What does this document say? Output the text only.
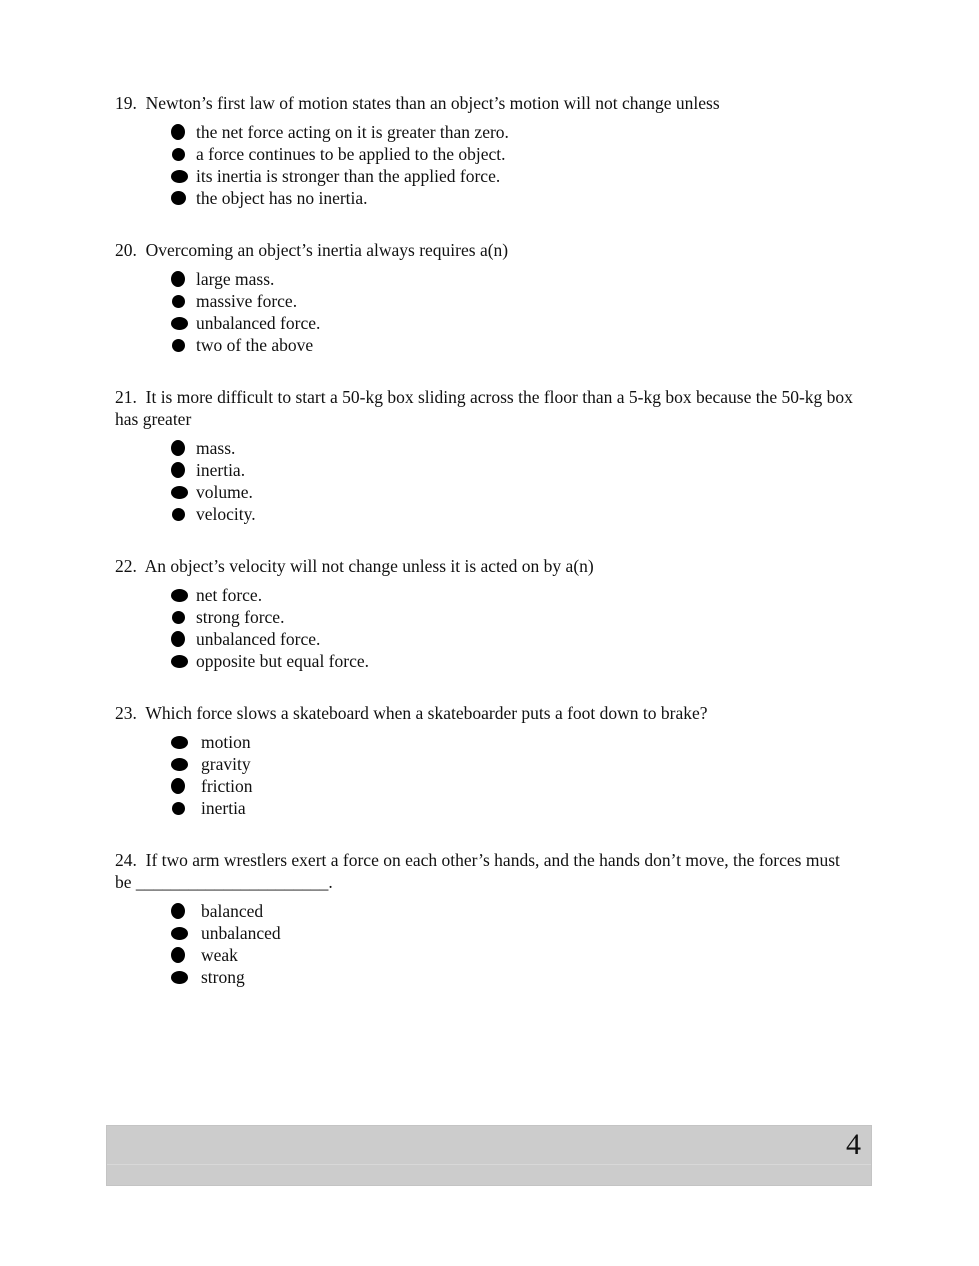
19. Newton’s first law of motion states than an object’s motion will not change unless

the net force acting on it is greater than zero.
a force continues to be applied to the object.
its inertia is stronger than the applied force.
the object has no inertia.

20. Overcoming an object’s inertia always requires a(n)

large mass.
massive force.
unbalanced force.
two of the above

21. It is more difficult to start a 50-kg box sliding across the floor than a 5-kg box because the 50-kg box has greater

mass.
inertia.
volume.
velocity.

22. An object’s velocity will not change unless it is acted on by a(n)

net force.
strong force.
unbalanced force.
opposite but equal force.

23. Which force slows a skateboard when a skateboarder puts a foot down to brake?

motion
gravity
friction
inertia

24. If two arm wrestlers exert a force on each other’s hands, and the hands don’t move, the forces must be ______________________.

balanced
unbalanced
weak
strong
4
